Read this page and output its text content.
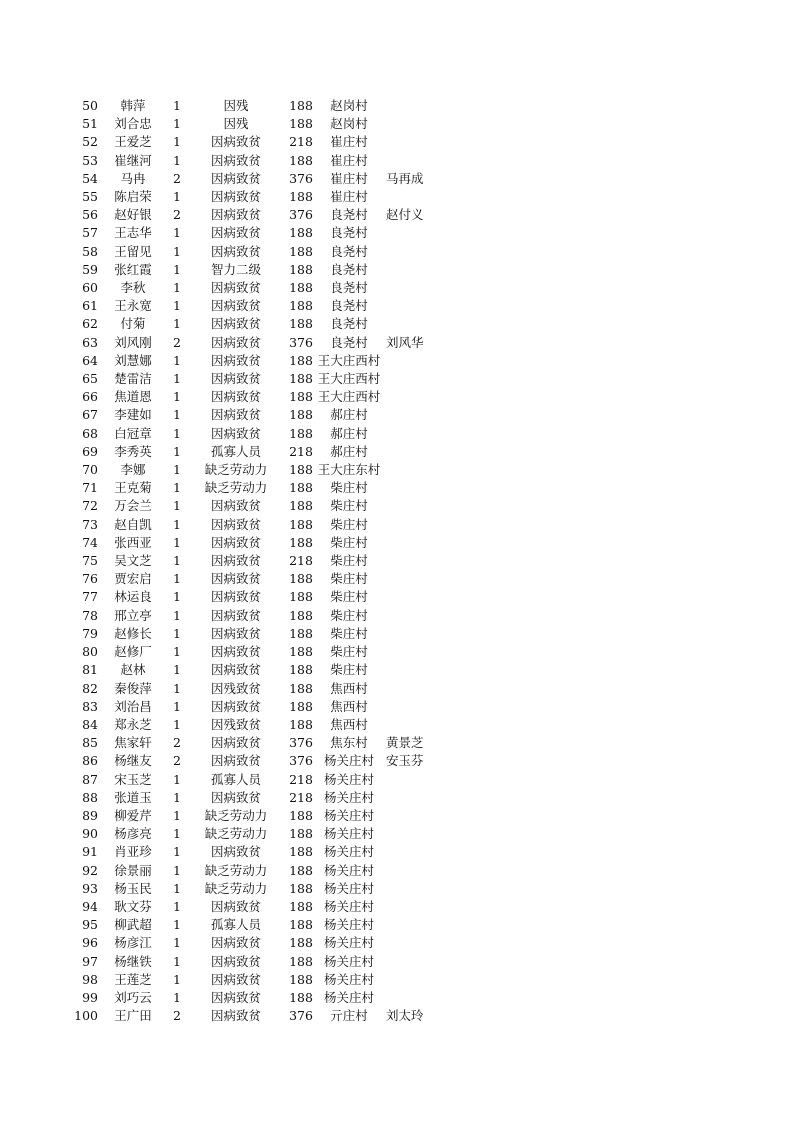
50	韩萍	1	因残	188	赵岗村	
51	刘合忠	1	因残	188	赵岗村	
52	王爱芝	1	因病致贫	218	崔庄村	
53	崔继河	1	因病致贫	188	崔庄村	
54	马冉	2	因病致贫	376	崔庄村	马再成
55	陈启荣	1	因病致贫	188	崔庄村	
56	赵好银	2	因病致贫	376	良尧村	赵付义
57	王志华	1	因病致贫	188	良尧村	
58	王留见	1	因病致贫	188	良尧村	
59	张红霞	1	智力二级	188	良尧村	
60	李秋	1	因病致贫	188	良尧村	
61	王永宽	1	因病致贫	188	良尧村	
62	付菊	1	因病致贫	188	良尧村	
63	刘风刚	2	因病致贫	376	良尧村	刘风华
64	刘慧娜	1	因病致贫	188	王大庄西村	
65	楚雷洁	1	因病致贫	188	王大庄西村	
66	焦道恩	1	因病致贫	188	王大庄西村	
67	李建如	1	因病致贫	188	郝庄村	
68	白冠章	1	因病致贫	188	郝庄村	
69	李秀英	1	孤寡人员	218	郝庄村	
70	李娜	1	缺乏劳动力	188	王大庄东村	
71	王克菊	1	缺乏劳动力	188	柴庄村	
72	万会兰	1	因病致贫	188	柴庄村	
73	赵自凯	1	因病致贫	188	柴庄村	
74	张西亚	1	因病致贫	188	柴庄村	
75	吴文芝	1	因病致贫	218	柴庄村	
76	贾宏启	1	因病致贫	188	柴庄村	
77	林运良	1	因病致贫	188	柴庄村	
78	邢立亭	1	因病致贫	188	柴庄村	
79	赵修长	1	因病致贫	188	柴庄村	
80	赵修厂	1	因病致贫	188	柴庄村	
81	赵林	1	因病致贫	188	柴庄村	
82	秦俊萍	1	因残致贫	188	焦西村	
83	刘治昌	1	因病致贫	188	焦西村	
84	郑永芝	1	因残致贫	188	焦西村	
85	焦家轩	2	因病致贫	376	焦东村	黄景芝
86	杨继友	2	因病致贫	376	杨关庄村	安玉芬
87	宋玉芝	1	孤寡人员	218	杨关庄村	
88	张道玉	1	因病致贫	218	杨关庄村	
89	柳爱芹	1	缺乏劳动力	188	杨关庄村	
90	杨彦亮	1	缺乏劳动力	188	杨关庄村	
91	肖亚珍	1	因病致贫	188	杨关庄村	
92	徐景丽	1	缺乏劳动力	188	杨关庄村	
93	杨玉民	1	缺乏劳动力	188	杨关庄村	
94	耿文芬	1	因病致贫	188	杨关庄村	
95	柳武超	1	孤寡人员	188	杨关庄村	
96	杨彦江	1	因病致贫	188	杨关庄村	
97	杨继铁	1	因病致贫	188	杨关庄村	
98	王莲芝	1	因病致贫	188	杨关庄村	
99	刘巧云	1	因病致贫	188	杨关庄村	
100	王广田	2	因病致贫	376	亓庄村	刘太玲
